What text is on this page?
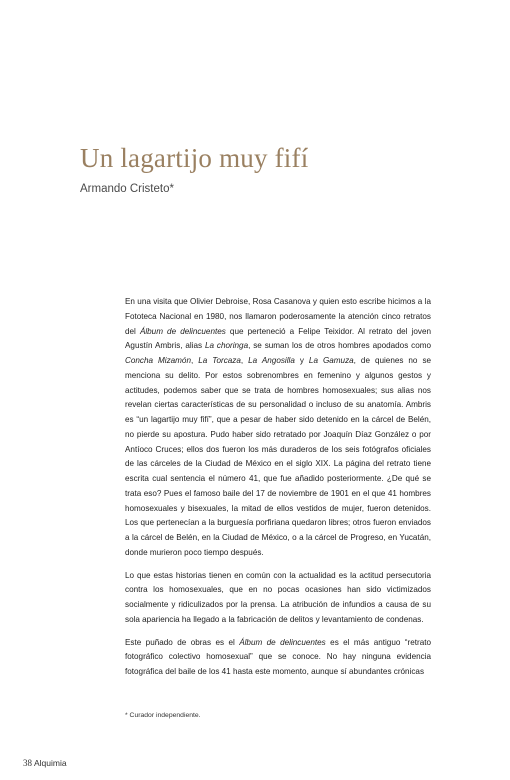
Un lagartijo muy fifí
Armando Cristeto*

En una visita que Olivier Debroise, Rosa Casanova y quien esto escribe hicimos a la Fototeca Nacional en 1980, nos llamaron poderosamente la atención cinco retratos del Álbum de delincuentes que perteneció a Felipe Teixidor. Al retrato del joven Agustín Ambris, alias La choringa, se suman los de otros hombres apodados como Concha Mizamón, La Torcaza, La Angosilla y La Gamuza, de quienes no se menciona su delito. Por estos sobrenombres en femenino y algunos gestos y actitudes, podemos saber que se trata de hombres homosexuales; sus alias nos revelan ciertas características de su personalidad o incluso de su anatomía. Ambris es “un lagartijo muy fifí”, que a pesar de haber sido detenido en la cárcel de Belén, no pierde su apostura. Pudo haber sido retratado por Joaquín Díaz González o por Antíoco Cruces; ellos dos fueron los más duraderos de los seis fotógrafos oficiales de las cárceles de la Ciudad de México en el siglo XIX. La página del retrato tiene escrita cual sentencia el número 41, que fue añadido posteriormente. ¿De qué se trata eso? Pues el famoso baile del 17 de noviembre de 1901 en el que 41 hombres homosexuales y bisexuales, la mitad de ellos vestidos de mujer, fueron detenidos. Los que pertenecían a la burguesía porfiriana quedaron libres; otros fueron enviados a la cárcel de Belén, en la Ciudad de México, o a la cárcel de Progreso, en Yucatán, donde murieron poco tiempo después.

Lo que estas historias tienen en común con la actualidad es la actitud persecutoria contra los homosexuales, que en no pocas ocasiones han sido victimizados socialmente y ridiculizados por la prensa. La atribución de infundios a causa de su sola apariencia ha llegado a la fabricación de delitos y levantamiento de condenas.

Este puñado de obras es el Álbum de delincuentes es el más antiguo “retrato fotográfico colectivo homosexual” que se conoce. No hay ninguna evidencia fotográfica del baile de los 41 hasta este momento, aunque sí abundantes crónicas

* Curador independiente.
38 Alquimia
